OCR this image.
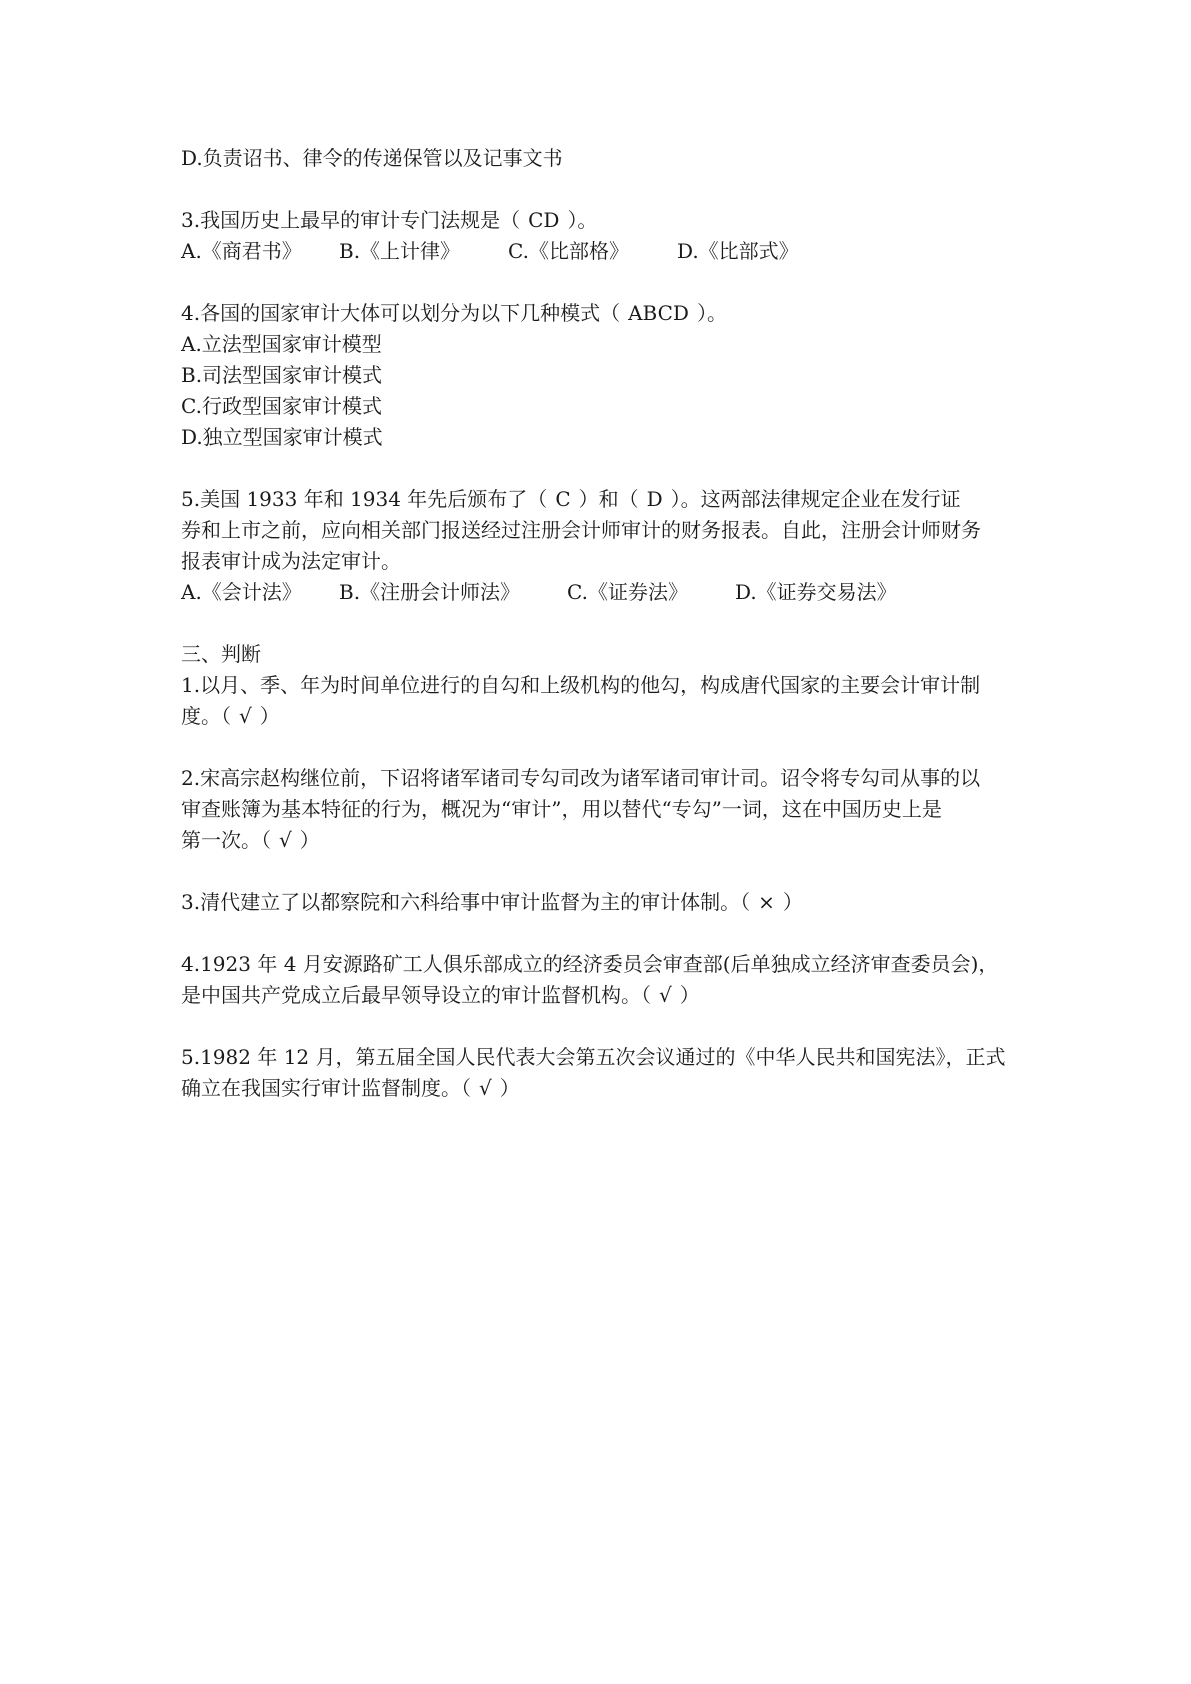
D.负责诏书、律令的传递保管以及记事文书

3.我国历史上最早的审计专门法规是（ CD ）。

A.《商君书》 B.《上计律》 C.《比部格》 D.《比部式》

4.各国的国家审计大体可以划分为以下几种模式（ ABCD ）。

A.立法型国家审计模型

B.司法型国家审计模式

C.行政型国家审计模式

D.独立型国家审计模式

5.美国 1933 年和 1934 年先后颁布了（ C ）和（ D ）。这两部法律规定企业在发行证

券和上市之前，应向相关部门报送经过注册会计师审计的财务报表。自此，注册会计师财务

报表审计成为法定审计。

A.《会计法》 B.《注册会计师法》 C.《证券法》 D.《证券交易法》

三、判断

1.以月、季、年为时间单位进行的自勾和上级机构的他勾，构成唐代国家的主要会计审计制

度。（ √ ）

2.宋高宗赵构继位前，下诏将诸军诸司专勾司改为诸军诸司审计司。诏令将专勾司从事的以

审查账簿为基本特征的行为，概况为“审计”，用以替代“专勾”一词，这在中国历史上是

第一次。（ √ ）

3.清代建立了以都察院和六科给事中审计监督为主的审计体制。（ × ）

4.1923 年 4 月安源路矿工人俱乐部成立的经济委员会审查部(后单独成立经济审查委员会)，

是中国共产党成立后最早领导设立的审计监督机构。（ √ ）

5.1982 年 12 月，第五届全国人民代表大会第五次会议通过的《中华人民共和国宪法》，正式

确立在我国实行审计监督制度。（ √ ）
